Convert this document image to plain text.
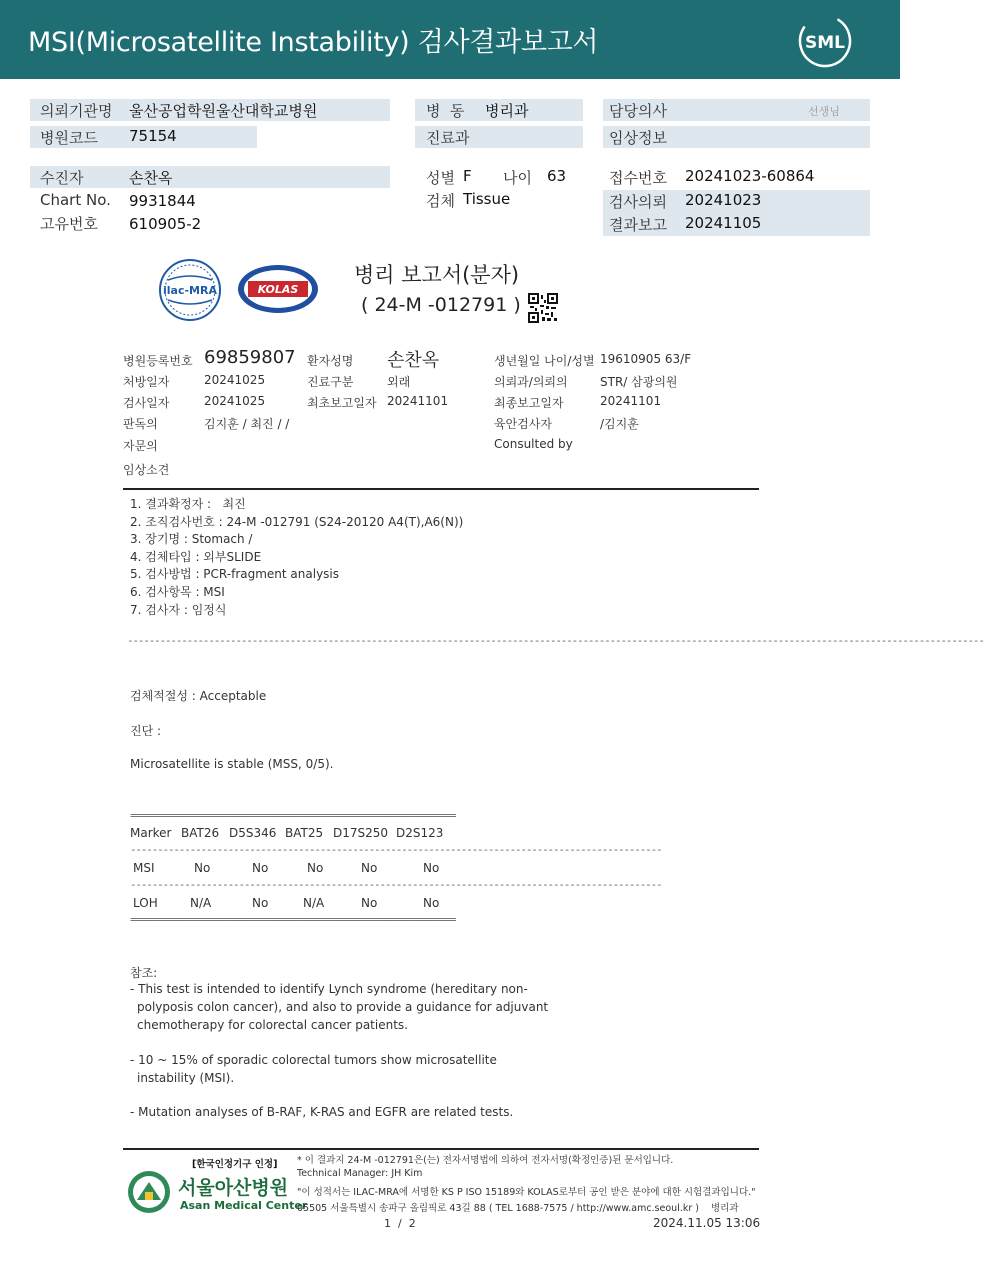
MSI(Microsatellite Instability) 검사결과보고서	SML
의뢰기관명 울산공업학원울산대학교병원	병  동 병리과	담당의사	선생님
병원코드 75154	진료과	임상정보
수진자	손찬옥	성별 F 나이 63	접수번호 20241023-60864
Chart No. 9931844	검체 Tissue	검사의뢰 20241023
고유번호 610905-2	결과보고 20241105
ilac-MRA	KOLAS
병리 보고서(분자)
( 24-M -012791 )
병원등록번호 69859807 환자성명 손찬옥	생년월일 나이/성별 19610905 63/F
처방일자	20241025	진료구분	외래	의뢰과/의뢰의	STR/ 삼광의원
검사일자	20241025	최초보고일자 20241101	최종보고일자	20241101
판독의	김지훈 / 최진 / /	육안검사자	/김지훈
자문의	Consulted by
임상소견
1. 결과확정자 :   최진
2. 조직검사번호 : 24-M -012791 (S24-20120 A4(T),A6(N))
3. 장기명 : Stomach /
4. 검체타입 : 외부SLIDE
5. 검사방법 : PCR-fragment analysis
6. 검사항목 : MSI
7. 검사자 : 임정식
--------------------------------------------------------------------------------------------------------------------------------------------------------------
검체적절성 : Acceptable
진단 :
Microsatellite is stable (MSS, 0/5).
============================================================
Marker BAT26 D5S346 BAT25 D17S250 D2S123
MSI	No	No	No	No	No
LOH	N/A	No	N/A	No	No
--------------------------------------------------------------------------------------------------
--------------------------------------------------------------------------------------------------
============================================================
참조:
- This test is intended to identify Lynch syndrome (hereditary non-
polyposis colon cancer), and also to provide a guidance for adjuvant
chemotherapy for colorectal cancer patients.
- 10 ~ 15% of sporadic colorectal tumors show microsatellite
instability (MSI).
- Mutation analyses of B-RAF, K-RAS and EGFR are related tests.
[한국인정기구 인정]
서울아산병원
Asan Medical Center
* 이 결과지 24-M -012791은(는) 전자서명법에 의하여 전자서명(확정인증)된 문서입니다.
Technical Manager: JH Kim
"이 성적서는 ILAC-MRA에 서명한 KS P ISO 15189와 KOLAS로부터 공인 받은 분야에 대한 시험결과입니다."
05505 서울특별시 송파구 올림픽로 43길 88 ( TEL 1688-7575 / http://www.amc.seoul.kr ) 병리과
1  /  2	2024.11.05 13:06
